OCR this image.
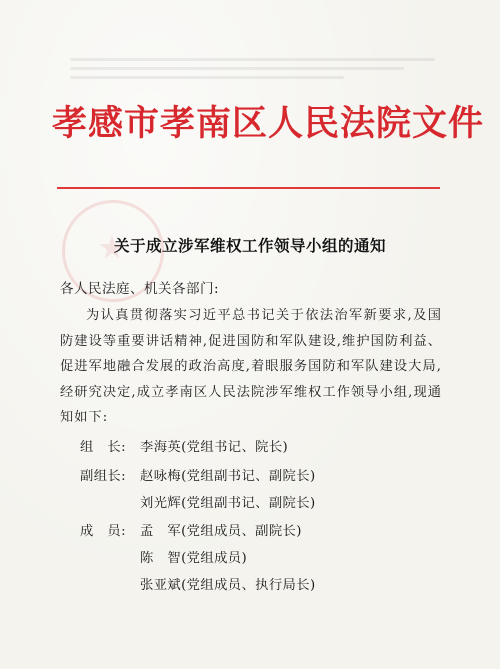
孝感市孝南区人民法院文件
关于成立涉军维权工作领导小组的通知
各人民法庭、机关各部门:
为认真贯彻落实习近平总书记关于依法治军新要求,及国防建设等重要讲话精神,促进国防和军队建设,维护国防利益、促进军地融合发展的政治高度,着眼服务国防和军队建设大局,经研究决定,成立孝南区人民法院涉军维权工作领导小组,现通知如下:
组　长: 李海英(党组书记、院长)
副组长: 赵咏梅(党组副书记、副院长)
刘光辉(党组副书记、副院长)
成　员: 孟　军(党组成员、副院长)
陈　智(党组成员)
张亚斌(党组成员、执行局长)
